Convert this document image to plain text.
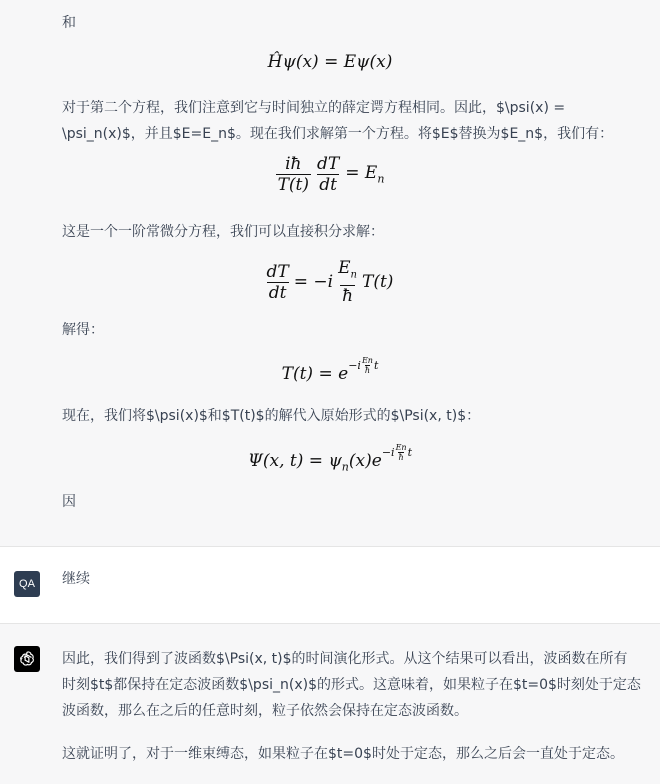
和
Ĥψ(x) = Eψ(x)
对于第二个方程，我们注意到它与时间独立的薛定谔方程相同。因此，$\psi(x) =
\psi_n(x)$，并且$E=E_n$。现在我们求解第一个方程。将$E$替换为$E_n$，我们有：
iħ
$T(t) \frac{dT}{dt} = E_n$
这是一个一阶常微分方程，我们可以直接积分求解：
$\frac{dT}{dt} = -i$
$E_n$
ħ
T(t)
解得：
T(t) = e $^{-i En ħ t}$
现在，我们将$\psi(x)$和$T(t)$的解代入原始形式的$\Psi(x, t)$：
Ψ(x, $t) = \psi_n(x)e$ $^{-i En ħ t}$
因
QA	继续
因此，我们得到了波函数$\Psi(x, t)$的时间演化形式。从这个结果可以看出，波函数在所有
时刻$t$都保持在定态波函数$\psi_n(x)$的形式。这意味着，如果粒子在$t=0$时刻处于定态
波函数，那么在之后的任意时刻，粒子依然会保持在定态波函数。
这就证明了，对于一维束缚态，如果粒子在$t=0$时处于定态，那么之后会一直处于定态。
